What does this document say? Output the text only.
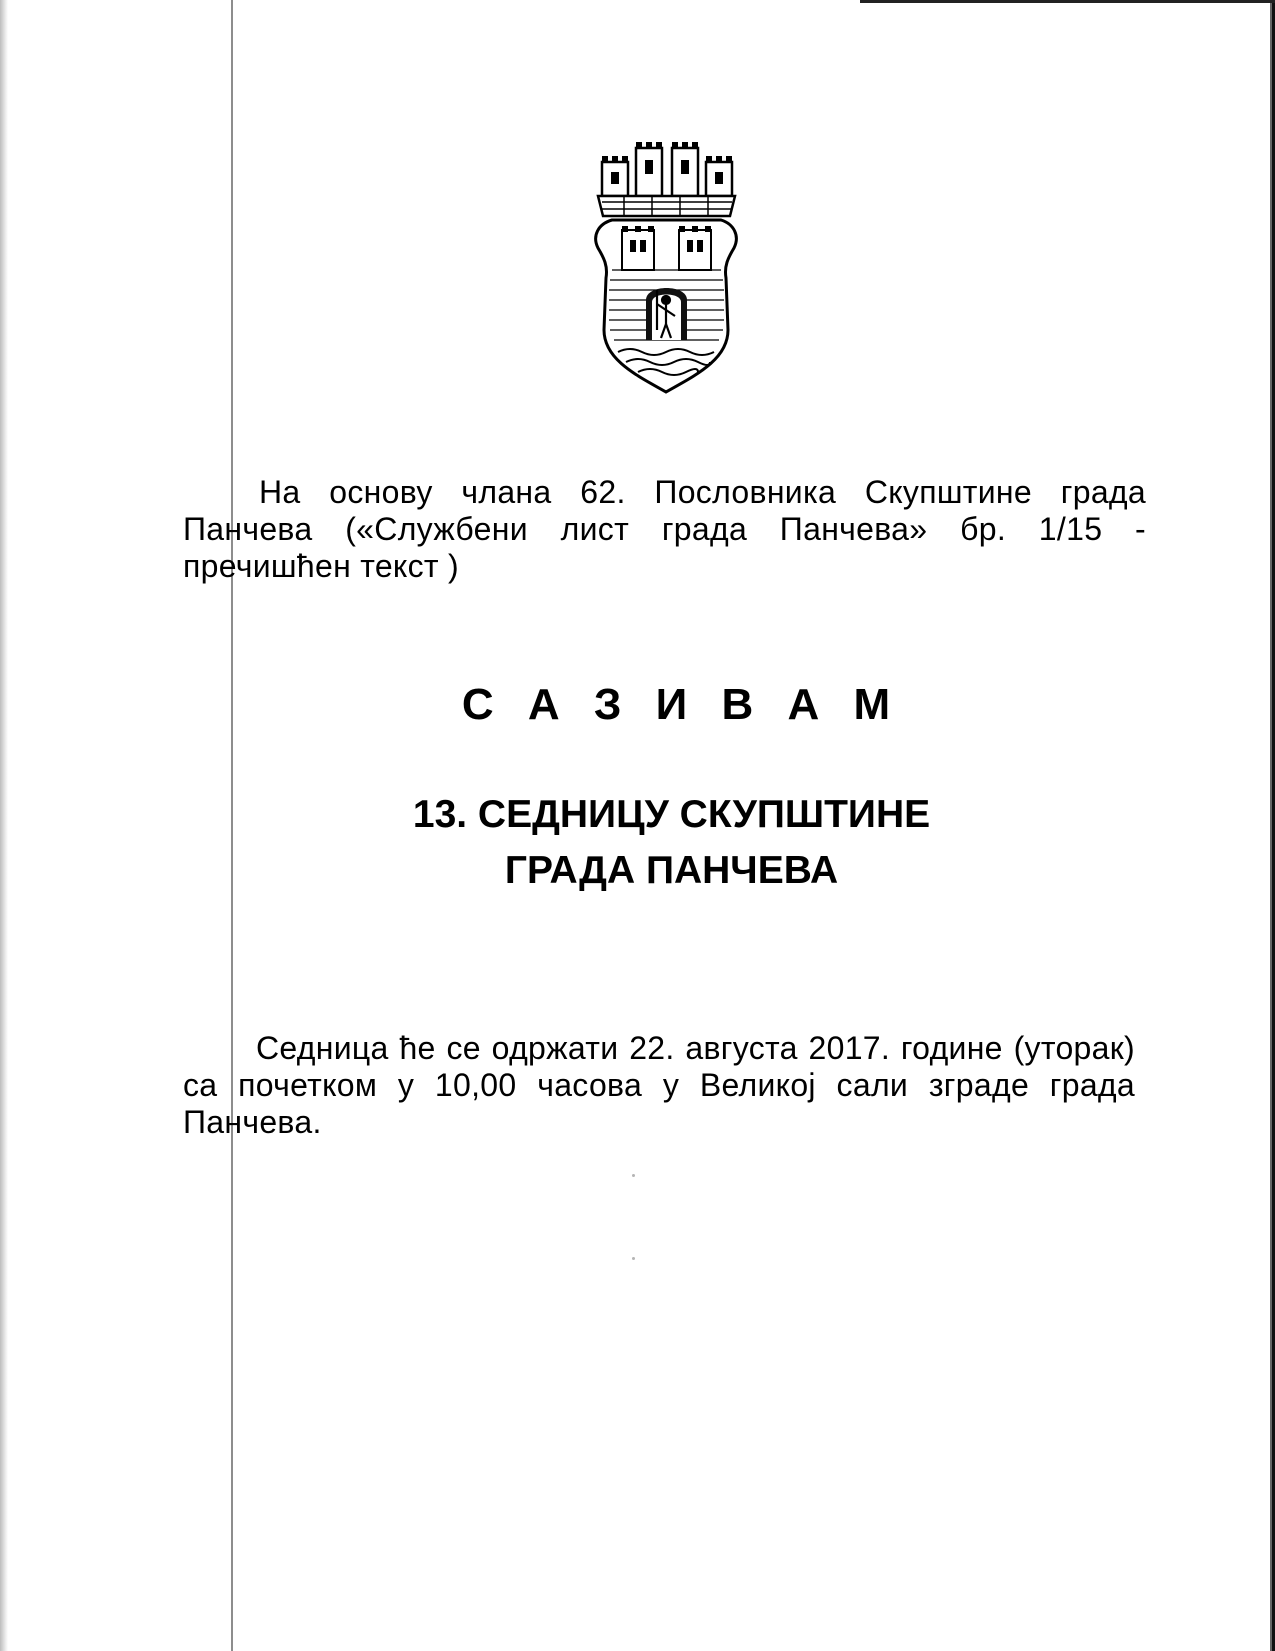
На основу члана 62. Пословника Скупштине града Панчева («Службени лист града Панчева» бр. 1/15 - пречишћен текст )
С А З И В А М
13. СЕДНИЦУ СКУПШТИНЕ
ГРАДА ПАНЧЕВА
Седница ће се одржати 22. августа 2017. године (уторак) са почетком у 10,00 часова у Великој сали зграде града Панчева.
